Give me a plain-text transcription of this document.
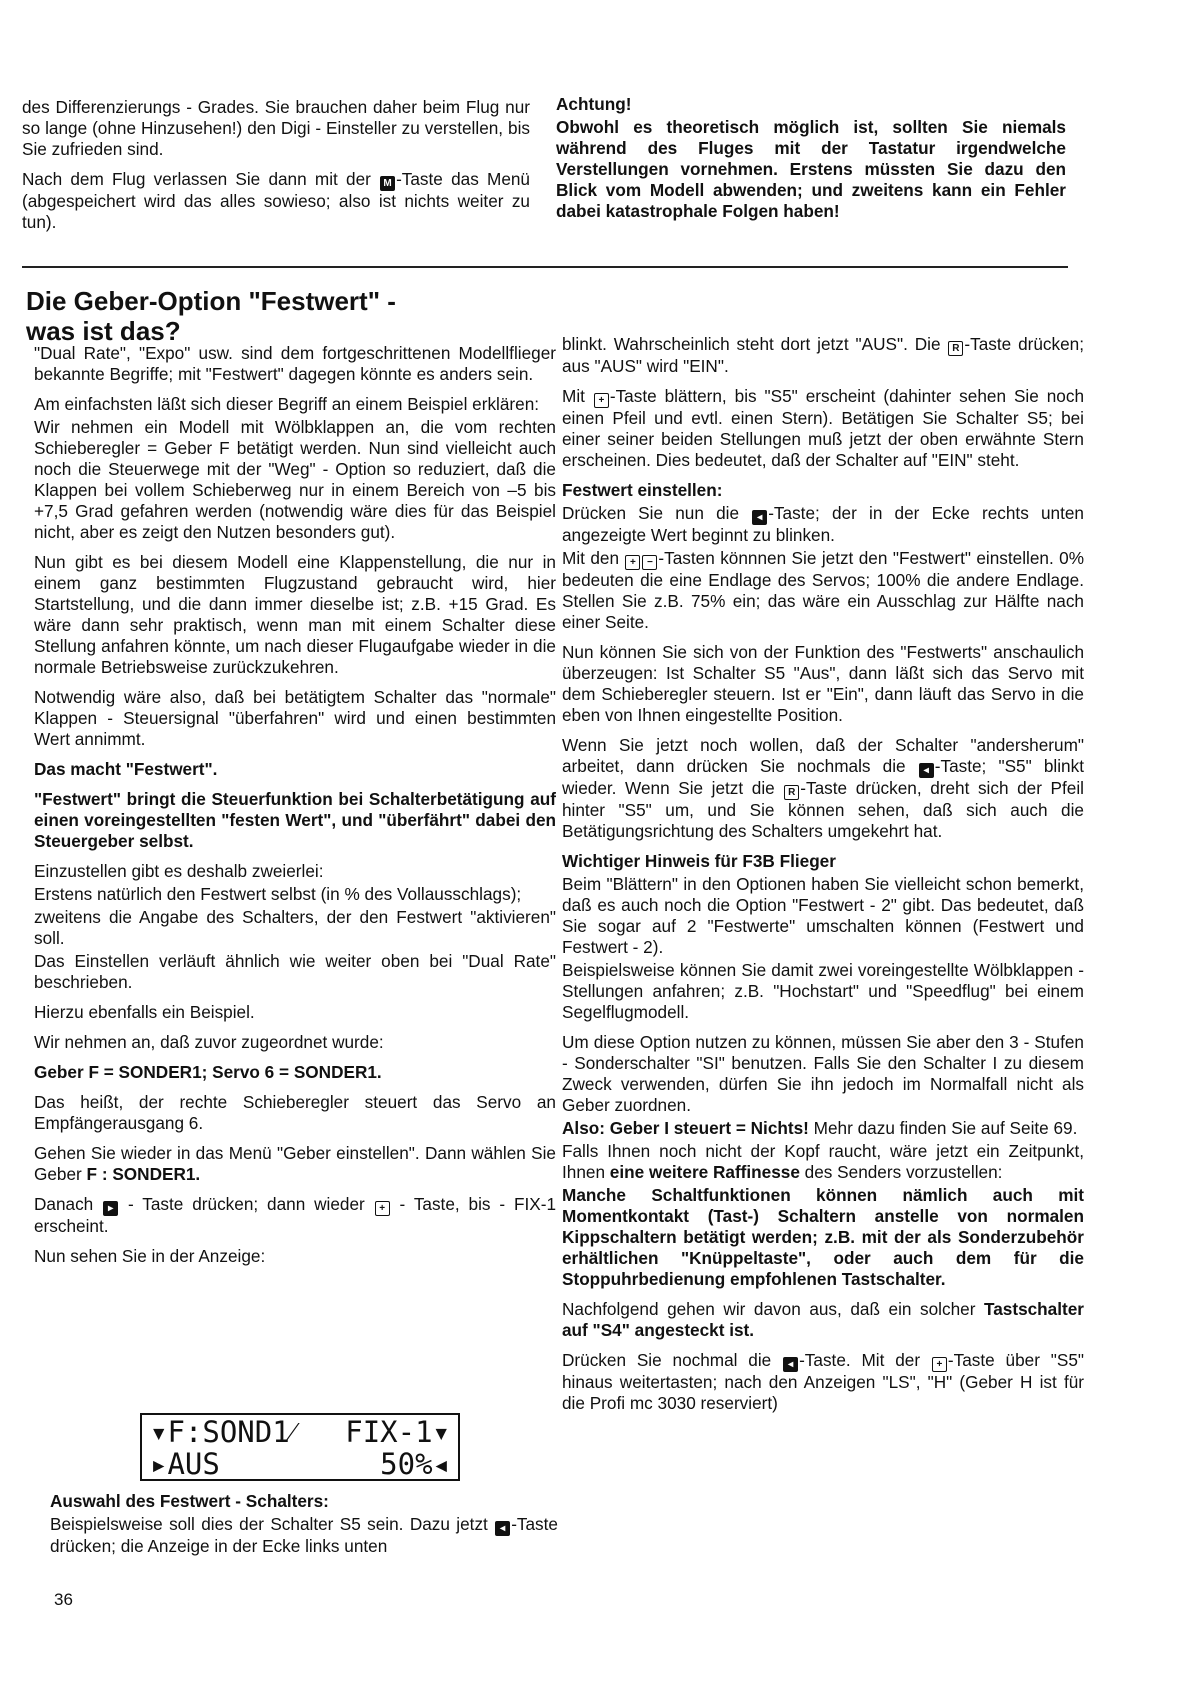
des Differenzierungs - Grades. Sie brauchen daher beim Flug nur so lange (ohne Hinzusehen!) den Digi - Einsteller zu verstellen, bis Sie zufrieden sind.

Nach dem Flug verlassen Sie dann mit der M -Taste das Menü (abgespeichert wird das alles sowieso; also ist nichts weiter zu tun).

Achtung!

Obwohl es theoretisch möglich ist, sollten Sie niemals während des Fluges mit der Tastatur irgendwelche Verstellungen vornehmen. Erstens müssten Sie dazu den Blick vom Modell abwenden; und zweitens kann ein Fehler dabei katastrophale Folgen haben!

Die Geber-Option "Festwert" -
was ist das?

"Dual Rate", "Expo" usw. sind dem fortgeschrittenen Modellflieger bekannte Begriffe; mit "Festwert" dagegen könnte es anders sein.

Am einfachsten läßt sich dieser Begriff an einem Beispiel erklären:

Wir nehmen ein Modell mit Wölbklappen an, die vom rechten Schieberegler = Geber F betätigt werden. Nun sind vielleicht auch noch die Steuerwege mit der "Weg" - Option so reduziert, daß die Klappen bei vollem Schieberweg nur in einem Bereich von –5 bis +7,5 Grad gefahren werden (notwendig wäre dies für das Beispiel nicht, aber es zeigt den Nutzen besonders gut).

Nun gibt es bei diesem Modell eine Klappenstellung, die nur in einem ganz bestimmten Flugzustand gebraucht wird, hier Startstellung, und die dann immer dieselbe ist; z.B. +15 Grad. Es wäre dann sehr praktisch, wenn man mit einem Schalter diese Stellung anfahren könnte, um nach dieser Flugaufgabe wieder in die normale Betriebsweise zurückzukehren.

Notwendig wäre also, daß bei betätigtem Schalter das "normale" Klappen - Steuersignal "überfahren" wird und einen bestimmten Wert annimmt.

Das macht "Festwert".

"Festwert" bringt die Steuerfunktion bei Schalterbetätigung auf einen voreingestellten "festen Wert", und "überfährt" dabei den Steuergeber selbst.

Einzustellen gibt es deshalb zweierlei:

Erstens natürlich den Festwert selbst (in % des Vollausschlags);

zweitens die Angabe des Schalters, der den Festwert "aktivieren" soll.

Das Einstellen verläuft ähnlich wie weiter oben bei "Dual Rate" beschrieben.

Hierzu ebenfalls ein Beispiel.

Wir nehmen an, daß zuvor zugeordnet wurde:

Geber F = SONDER1; Servo 6 = SONDER1.

Das heißt, der rechte Schieberegler steuert das Servo an Empfängerausgang 6.

Gehen Sie wieder in das Menü "Geber einstellen". Dann wählen Sie Geber F : SONDER1.

Danach ▸ - Taste drücken; dann wieder + - Taste, bis - FIX-1 erscheint.

Nun sehen Sie in der Anzeige:

▾F:SOND1⁄ FIX-1▾
▸AUS	50%◂

Auswahl des Festwert - Schalters:

Beispielsweise soll dies der Schalter S5 sein. Dazu jetzt ◂ -Taste drücken; die Anzeige in der Ecke links unten

blinkt. Wahrscheinlich steht dort jetzt "AUS". Die R -Taste drücken; aus "AUS" wird "EIN".

Mit + -Taste blättern, bis "S5" erscheint (dahinter sehen Sie noch einen Pfeil und evtl. einen Stern). Betätigen Sie Schalter S5; bei einer seiner beiden Stellungen muß jetzt der oben erwähnte Stern erscheinen. Dies bedeutet, daß der Schalter auf "EIN" steht.

Festwert einstellen:

Drücken Sie nun die ◂ -Taste; der in der Ecke rechts unten angezeigte Wert beginnt zu blinken.

Mit den + − -Tasten könnnen Sie jetzt den "Festwert" einstellen. 0% bedeuten die eine Endlage des Servos; 100% die andere Endlage. Stellen Sie z.B. 75% ein; das wäre ein Ausschlag zur Hälfte nach einer Seite.

Nun können Sie sich von der Funktion des "Festwerts" anschaulich überzeugen: Ist Schalter S5 "Aus", dann läßt sich das Servo mit dem Schieberegler steuern. Ist er "Ein", dann läuft das Servo in die eben von Ihnen eingestellte Position.

Wenn Sie jetzt noch wollen, daß der Schalter "andersherum" arbeitet, dann drücken Sie nochmals die ◂ -Taste; "S5" blinkt wieder. Wenn Sie jetzt die R -Taste drücken, dreht sich der Pfeil hinter "S5" um, und Sie können sehen, daß sich auch die Betätigungsrichtung des Schalters umgekehrt hat.

Wichtiger Hinweis für F3B Flieger

Beim "Blättern" in den Optionen haben Sie vielleicht schon bemerkt, daß es auch noch die Option "Festwert - 2" gibt. Das bedeutet, daß Sie sogar auf 2 "Festwerte" umschalten können (Festwert und Festwert - 2).

Beispielsweise können Sie damit zwei voreingestellte Wölbklappen - Stellungen anfahren; z.B. "Hochstart" und "Speedflug" bei einem Segelflugmodell.

Um diese Option nutzen zu können, müssen Sie aber den 3 - Stufen - Sonderschalter "SI" benutzen. Falls Sie den Schalter I zu diesem Zweck verwenden, dürfen Sie ihn jedoch im Normalfall nicht als Geber zuordnen.

Also: Geber I steuert = Nichts! Mehr dazu finden Sie auf Seite 69.

Falls Ihnen noch nicht der Kopf raucht, wäre jetzt ein Zeitpunkt, Ihnen eine weitere Raffinesse des Senders vorzustellen:

Manche Schaltfunktionen können nämlich auch mit Momentkontakt (Tast-) Schaltern anstelle von normalen Kippschaltern betätigt werden; z.B. mit der als Sonderzubehör erhältlichen "Knüppeltaste", oder auch dem für die Stoppuhrbedienung empfohlenen Tastschalter.

Nachfolgend gehen wir davon aus, daß ein solcher Tastschalter auf "S4" angesteckt ist.

Drücken Sie nochmal die ◂ -Taste. Mit der + -Taste über "S5" hinaus weitertasten; nach den Anzeigen "LS", "H" (Geber H ist für die Profi mc 3030 reserviert)

36
